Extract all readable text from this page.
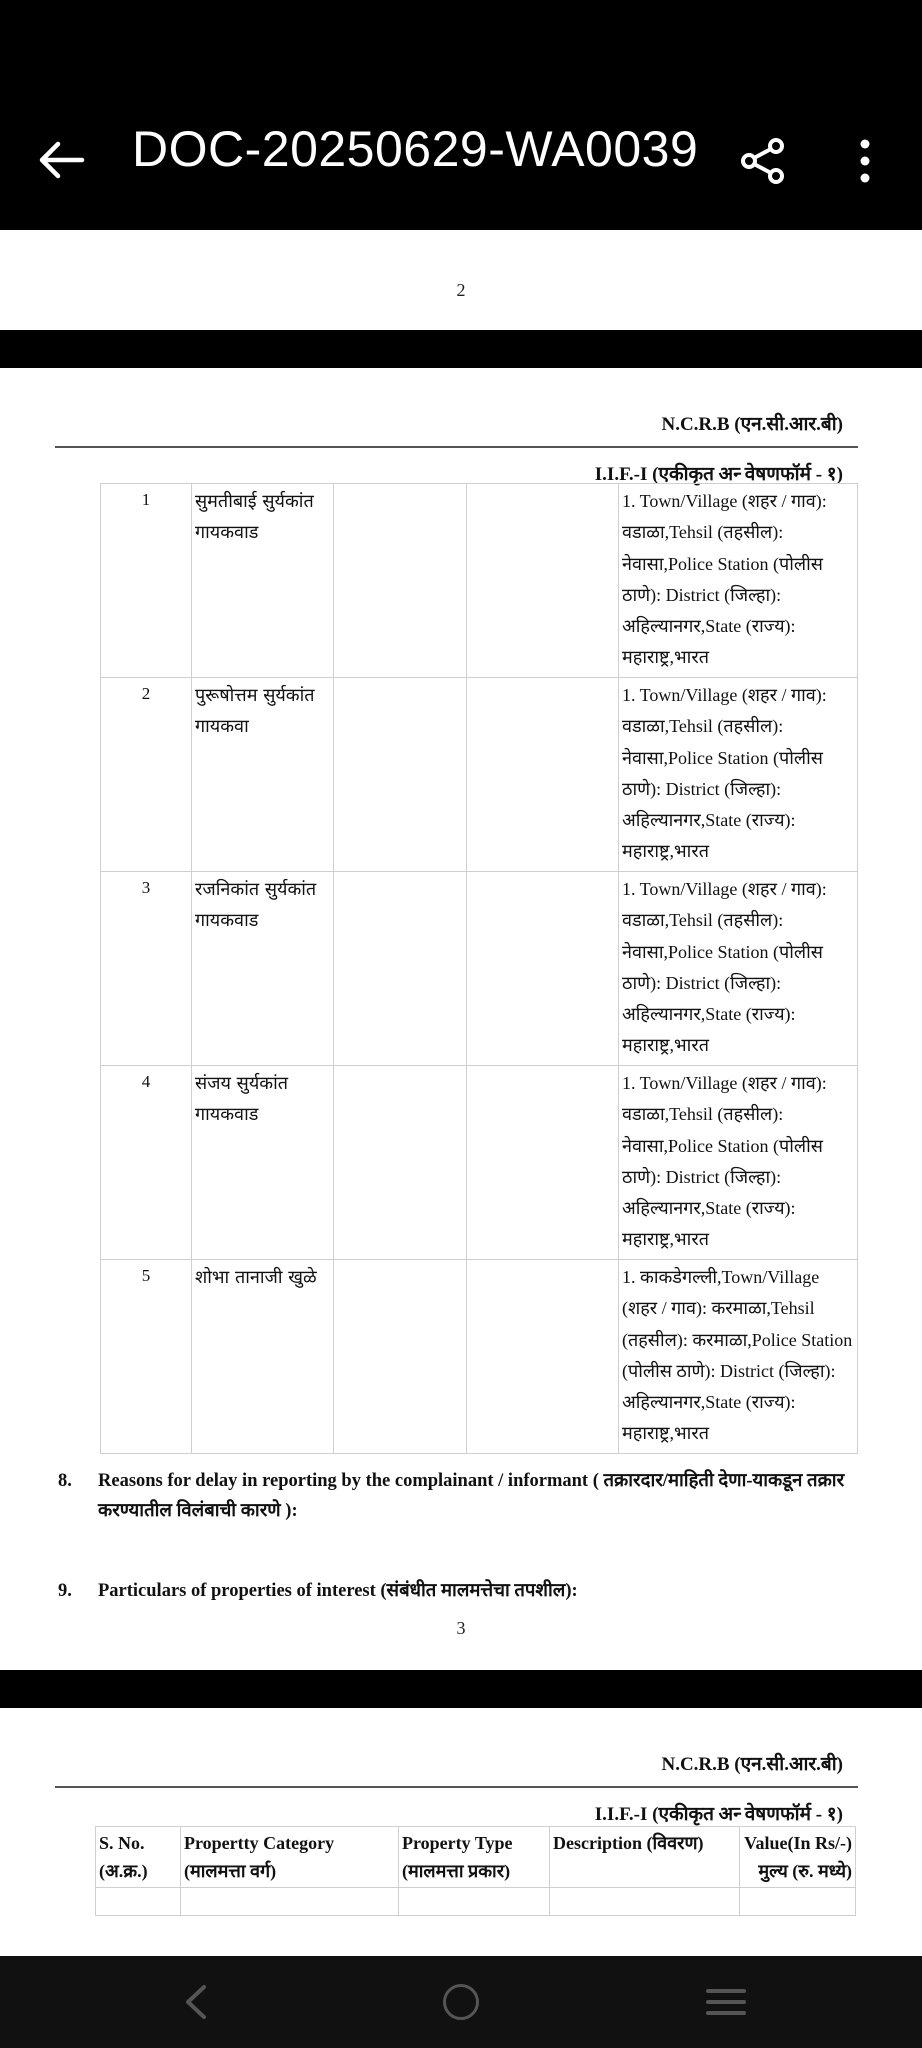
DOC-20250629-WA0039
2
N.C.R.B (एन.सी.आर.बी)
I.I.F.-I (एकीकृत अन्‍ वेषणफॉर्म - १)
1	सुमतीबाई सुर्यकांत गायकवाड			1. Town/Village (शहर / गाव): वडाळा,Tehsil (तहसील): नेवासा,Police Station (पोलीस ठाणे): District (जिल्हा): अहिल्यानगर,State (राज्य): महाराष्ट्र,भारत
2	पुरूषोत्तम सुर्यकांत गायकवा			1. Town/Village (शहर / गाव): वडाळा,Tehsil (तहसील): नेवासा,Police Station (पोलीस ठाणे): District (जिल्हा): अहिल्यानगर,State (राज्य): महाराष्ट्र,भारत
3	रजनिकांत सुर्यकांत गायकवाड			1. Town/Village (शहर / गाव): वडाळा,Tehsil (तहसील): नेवासा,Police Station (पोलीस ठाणे): District (जिल्हा): अहिल्यानगर,State (राज्य): महाराष्ट्र,भारत
4	संजय सुर्यकांत गायकवाड			1. Town/Village (शहर / गाव): वडाळा,Tehsil (तहसील): नेवासा,Police Station (पोलीस ठाणे): District (जिल्हा): अहिल्यानगर,State (राज्य): महाराष्ट्र,भारत
5	शोभा तानाजी खुळे			1. काकडेगल्ली,Town/Village (शहर / गाव): करमाळा,Tehsil (तहसील): करमाळा,Police Station (पोलीस ठाणे): District (जिल्हा): अहिल्यानगर,State (राज्य): महाराष्ट्र,भारत
8. Reasons for delay in reporting by the complainant / informant ( तक्रारदार/माहिती देणा-याकडून तक्रार करण्यातील विलंबाची कारणे ):
9. Particulars of properties of interest (संबंधीत मालमत्तेचा तपशील):
3
N.C.R.B (एन.सी.आर.बी)
I.I.F.-I (एकीकृत अन्‍ वेषणफॉर्म - १)
S. No. (अ.क्र.)	Propertty Category (मालमत्ता वर्ग)	Property Type (मालमत्ता प्रकार)	Description (विवरण)	Value(In Rs/-) मुल्य (रु. मध्ये)
